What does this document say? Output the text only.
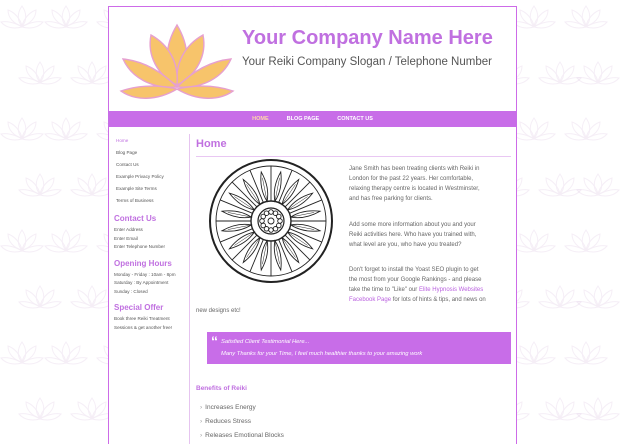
Your Company Name Here
Your Reiki Company Slogan / Telephone Number
HOME	BLOG PAGE	CONTACT US
Home
Blog Page
Contact Us
Example Privacy Policy
Example Site Terms
Terms of Business
Contact Us
Enter Address
Enter Email
Enter Telephone Number
Opening Hours
Monday - Friday : 10am - 8pm
Saturday : By Appointment
Sunday : Closed
Special Offer
Book three Reiki Treatment
Sessions & get another free!
Home
Jane Smith has been treating clients with Reiki in
London for the past 22 years. Her comfortable,
relaxing therapy centre is located in Westminster,
and has free parking for clients.
Add some more information about you and your
Reiki activities here. Who have you trained with,
what level are you, who have you treated?
Don't forget to install the Yoast SEO plugin to get
the most from your Google Rankings - and please
take the time to "Like" our Elite Hypnosis Websites
Facebook Page for lots of hints & tips, and news on
new designs etc!
“ Satisfied Client Testimonial Here...
Many Thanks for your Time, I feel much healthier thanks to your amazing work
Benefits of Reiki
› Increases Energy
› Reduces Stress
› Releases Emotional Blocks
